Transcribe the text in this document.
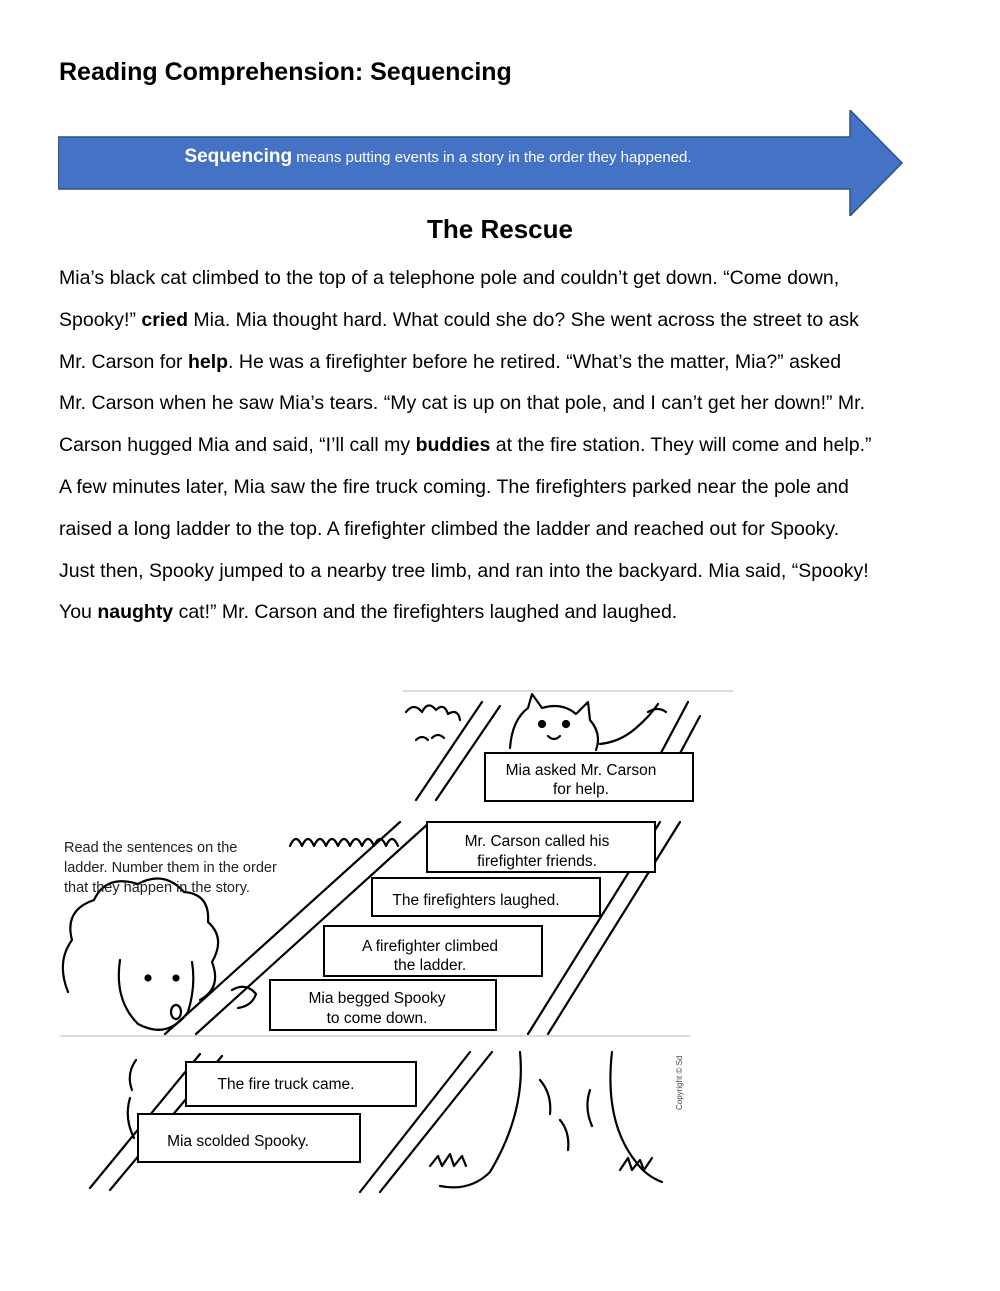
Reading Comprehension: Sequencing
Sequencing means putting events in a story in the order they happened.
The Rescue

Mia’s black cat climbed to the top of a telephone pole and couldn’t get down. “Come down,

Spooky!” cried Mia. Mia thought hard. What could she do? She went across the street to ask

Mr. Carson for help. He was a firefighter before he retired. “What’s the matter, Mia?” asked

Mr. Carson when he saw Mia’s tears. “My cat is up on that pole, and I can’t get her down!” Mr.

Carson hugged Mia and said, “I’ll call my buddies at the fire station. They will come and help.”

A few minutes later, Mia saw the fire truck coming. The firefighters parked near the pole and

raised a long ladder to the top. A firefighter climbed the ladder and reached out for Spooky.

Just then, Spooky jumped to a nearby tree limb, and ran into the backyard. Mia said, “Spooky!

You naughty cat!” Mr. Carson and the firefighters laughed and laughed.

Mia asked Mr. Carson
for help.
Mr. Carson called his
firefighter friends.
The firefighters laughed.
A firefighter climbed
the ladder.
Mia begged Spooky
to come down.
The fire truck came.
Mia scolded Spooky.
Read the sentences on the
ladder. Number them in the order
that they happen in the story.
Copyright © Sd
